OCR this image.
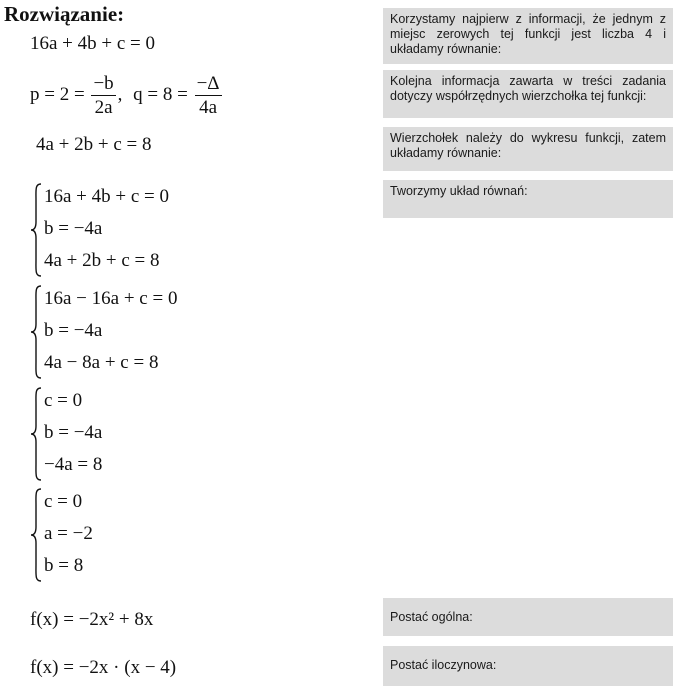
Rozwiązanie:
16a + 4b + c = 0
$p = 2 = \frac{-b}{2a}$ , $q = 8 = \frac{-\Delta}{4a}$
4a + 2b + c = 8
16a + 4b + c = 0
b = −4a
4a + 2b + c = 8
16a − 16a + c = 0
b = −4a
4a − 8a + c = 8
c = 0
b = −4a
−4a = 8
c = 0
a = −2
b = 8
f(x) = −2x² + 8x
f(x) = −2x · (x − 4)
Korzystamy najpierw z informacji, że jednym z miejsc zerowych tej funkcji jest liczba 4 i układamy równanie:
Kolejna informacja zawarta w treści zadania dotyczy współrzędnych wierzchołka tej funkcji:
Wierzchołek należy do wykresu funkcji, zatem układamy równanie:
Tworzymy układ równań:
Postać ogólna:
Postać iloczynowa:
